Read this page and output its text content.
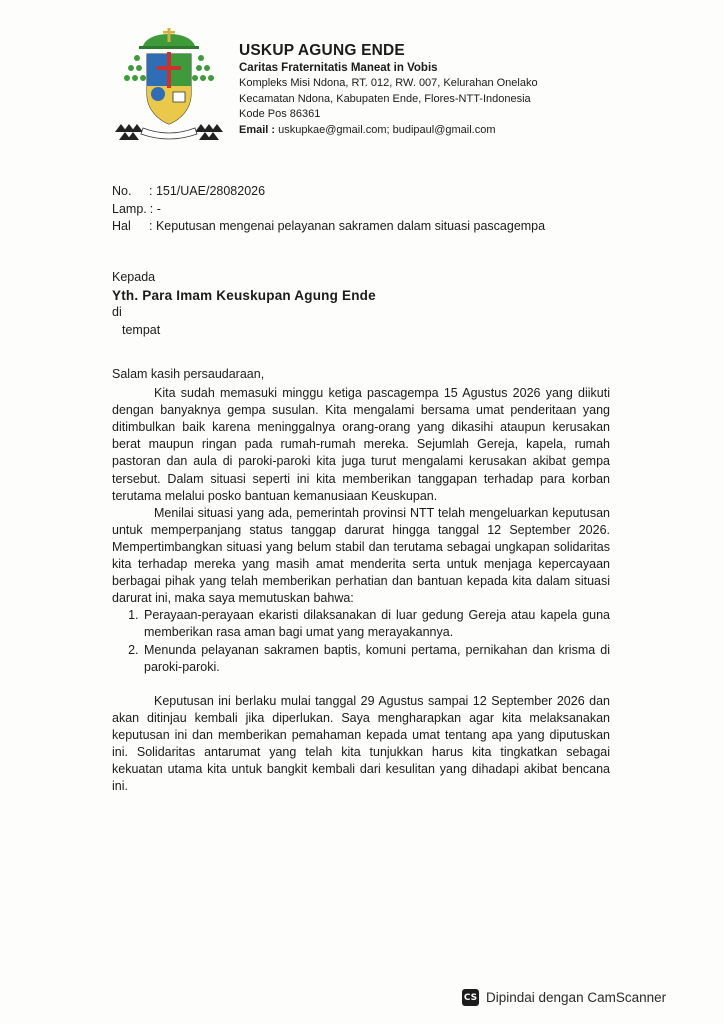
USKUP AGUNG ENDE
Caritas Fraternitatis Maneat in Vobis
Kompleks Misi Ndona, RT. 012, RW. 007, Kelurahan Onelako
Kecamatan Ndona, Kabupaten Ende, Flores-NTT-Indonesia
Kode Pos 86361
Email : uskupkae@gmail.com; budipaul@gmail.com
No.	: 151/UAE/28082026
Lamp. : -
Hal	: Keputusan mengenai pelayanan sakramen dalam situasi pascagempa
Kepada
Yth. Para Imam Keuskupan Agung Ende
di
tempat

Salam kasih persaudaraan,

Kita sudah memasuki minggu ketiga pascagempa 15 Agustus 2026 yang diikuti dengan banyaknya gempa susulan. Kita mengalami bersama umat penderitaan yang ditimbulkan baik karena meninggalnya orang-orang yang dikasihi ataupun kerusakan berat maupun ringan pada rumah-rumah mereka. Sejumlah Gereja, kapela, rumah pastoran dan aula di paroki-paroki kita juga turut mengalami kerusakan akibat gempa tersebut. Dalam situasi seperti ini kita memberikan tanggapan terhadap para korban terutama melalui posko bantuan kemanusiaan Keuskupan.

Menilai situasi yang ada, pemerintah provinsi NTT telah mengeluarkan keputusan untuk memperpanjang status tanggap darurat hingga tanggal 12 September 2026. Mempertimbangkan situasi yang belum stabil dan terutama sebagai ungkapan solidaritas kita terhadap mereka yang masih amat menderita serta untuk menjaga kepercayaan berbagai pihak yang telah memberikan perhatian dan bantuan kepada kita dalam situasi darurat ini, maka saya memutuskan bahwa:

1. Perayaan-perayaan ekaristi dilaksanakan di luar gedung Gereja atau kapela guna memberikan rasa aman bagi umat yang merayakannya.
2. Menunda pelayanan sakramen baptis, komuni pertama, pernikahan dan krisma di paroki-paroki.

Keputusan ini berlaku mulai tanggal 29 Agustus sampai 12 September 2026 dan akan ditinjau kembali jika diperlukan. Saya mengharapkan agar kita melaksanakan keputusan ini dan memberikan pemahaman kepada umat tentang apa yang diputuskan ini. Solidaritas antarumat yang telah kita tunjukkan harus kita tingkatkan sebagai kekuatan utama kita untuk bangkit kembali dari kesulitan yang dihadapi akibat bencana ini.

CS Dipindai dengan CamScanner
